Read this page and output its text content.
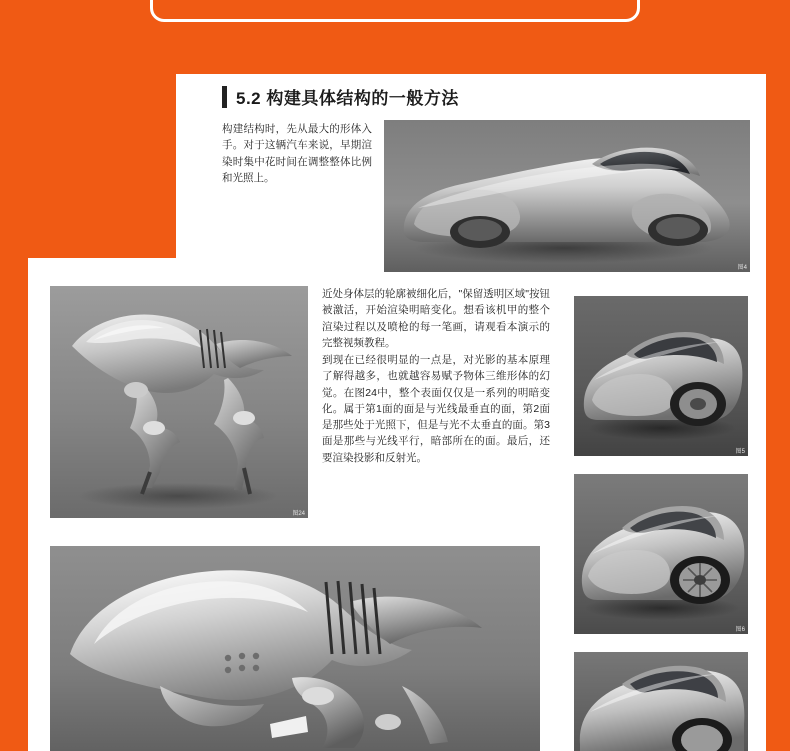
5.2 构建具体结构的一般方法
构建结构时，先从最大的形体入手。对于这辆汽车来说，早期渲染时集中花时间在调整整体比例和光照上。
近处身体层的轮廓被细化后，"保留透明区域"按钮被激活，开始渲染明暗变化。想看该机甲的整个渲染过程以及喷枪的每一笔画，请观看本演示的完整视频教程。
到现在已经很明显的一点是，对光影的基本原理了解得越多，也就越容易赋予物体三维形体的幻觉。在图24中，整个表面仅仅是一系列的明暗变化。属于第1面的面是与光线最垂直的面，第2面是那些处于光照下，但是与光不太垂直的面。第3面是那些与光线平行，暗部所在的面。最后，还要渲染投影和反射光。
图4
图24
图5
图6
